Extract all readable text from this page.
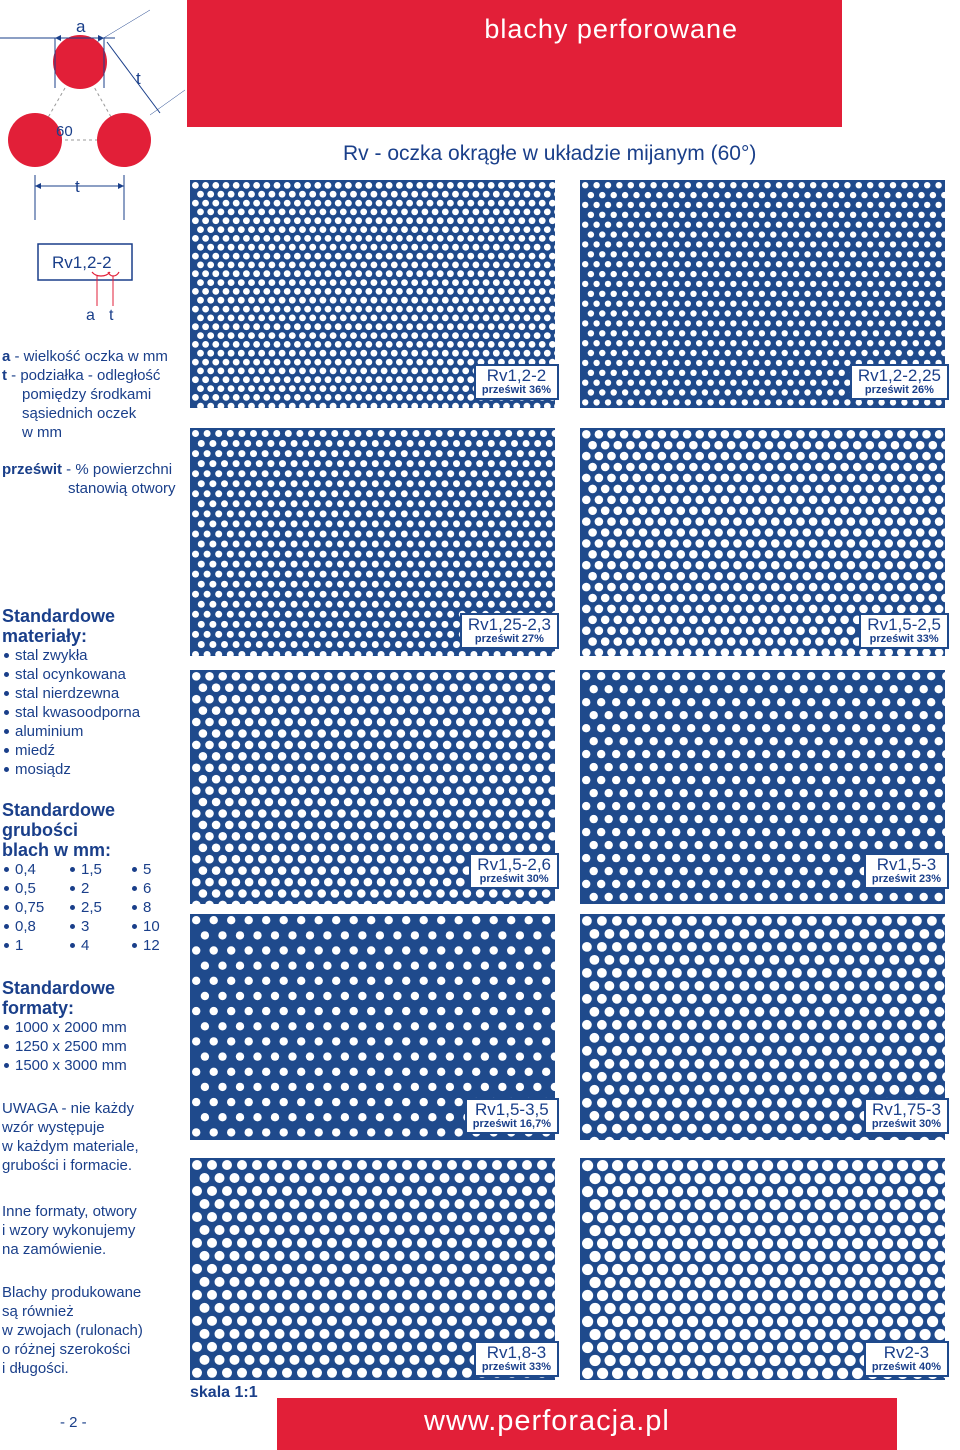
blachy perforowane
Rv - oczka okrągłe w układzie mijanym (60°)
a
t
60
t
Rv1,2-2
a t
a - wielkość oczka w mm
t - podziałka - odległość
pomiędzy środkami
sąsiednich oczek
w mm
prześwit - % powierzchni
stanowią otwory
Standardowe
materiały:
stal zwykła
stal ocynkowana
stal nierdzewna
stal kwasoodporna
aluminium
miedź
mosiądz
Standardowe
grubości
blach w mm:
0,4
0,5
0,75
0,8
1
1,5
2
2,5
3
4
5
6
8
10
12
Standardowe
formaty:
1000 x 2000 mm
1250 x 2500 mm
1500 x 3000 mm
UWAGA - nie każdy
wzór występuje
w każdym materiale,
grubości i formacie.
Inne formaty, otwory
i wzory wykonujemy
na zamówienie.
Blachy produkowane
są również
w zwojach (rulonach)
o różnej szerokości
i długości.
Rv1,2-2
prześwit 36%
Rv1,2-2,25
prześwit 26%
Rv1,25-2,3
prześwit 27%
Rv1,5-2,5
prześwit 33%
Rv1,5-2,6
prześwit 30%
Rv1,5-3
prześwit 23%
Rv1,5-3,5
prześwit 16,7%
Rv1,75-3
prześwit 30%
Rv1,8-3
prześwit 33%
Rv2-3
prześwit 40%
skala 1:1
- 2 -	www.perforacja.pl
